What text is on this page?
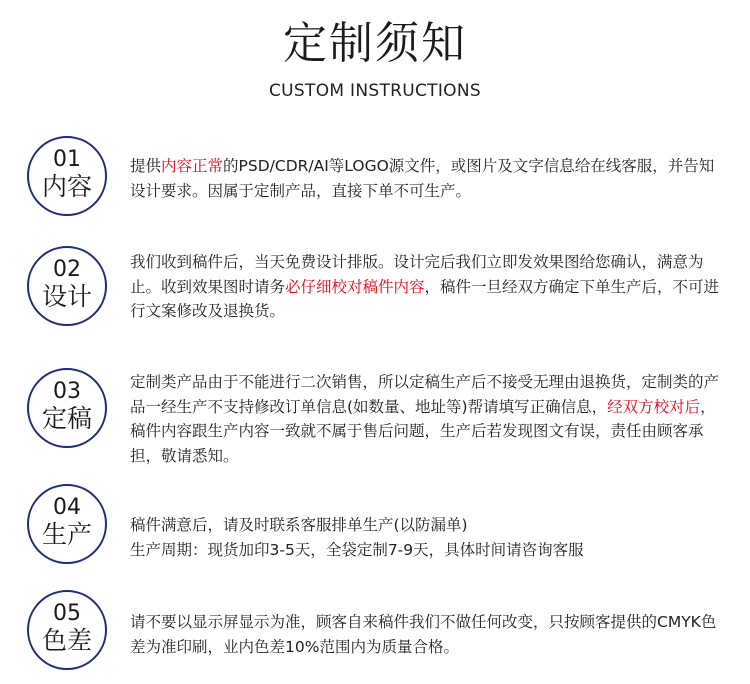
定制须知
CUSTOM INSTRUCTIONS
01
内容
提供内容正常的PSD/CDR/AI等LOGO源文件，或图片及文字信息给在线客服，并告知设计要求。因属于定制产品，直接下单不可生产。
02
设计
我们收到稿件后，当天免费设计排版。设计完后我们立即发效果图给您确认，满意为止。收到效果图时请务必仔细校对稿件内容，稿件一旦经双方确定下单生产后，不可进行文案修改及退换货。
03
定稿
定制类产品由于不能进行二次销售，所以定稿生产后不接受无理由退换货，定制类的产品一经生产不支持修改订单信息(如数量、地址等)帮请填写正确信息，经双方校对后，稿件内容跟生产内容一致就不属于售后问题，生产后若发现图文有误，责任由顾客承担，敬请悉知。
04
生产	稿件满意后，请及时联系客服排单生产(以防漏单)
生产周期：现货加印3-5天，全袋定制7-9天，具体时间请咨询客服
05
色差
请不要以显示屏显示为准，顾客自来稿件我们不做任何改变，只按顾客提供的CMYK色差为准印刷，业内色差10%范围内为质量合格。
